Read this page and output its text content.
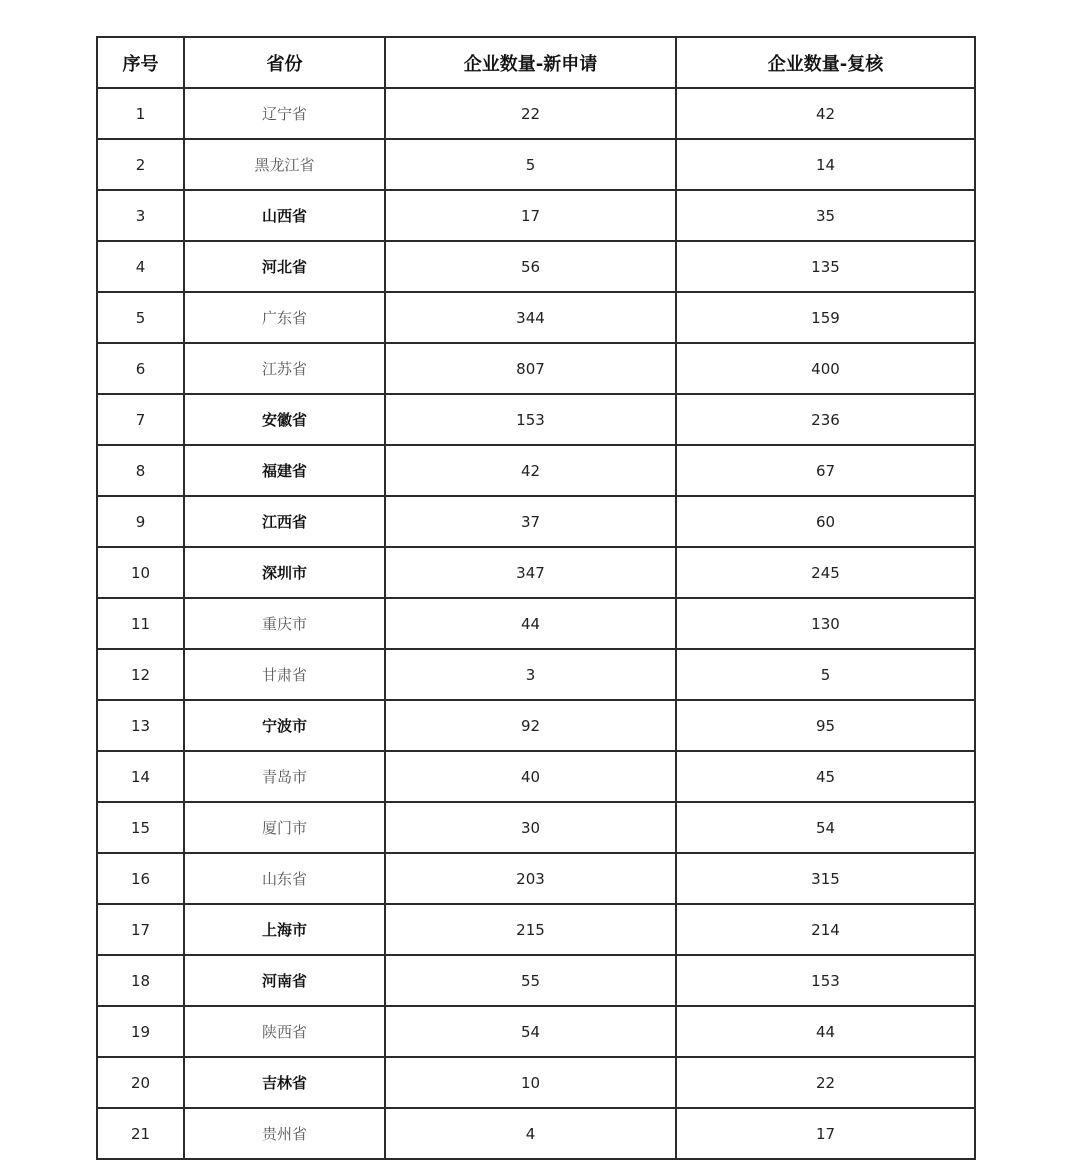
序号	省份	企业数量-新申请	企业数量-复核
1	辽宁省	22	42
2	黑龙江省	5	14
3	山西省	17	35
4	河北省	56	135
5	广东省	344	159
6	江苏省	807	400
7	安徽省	153	236
8	福建省	42	67
9	江西省	37	60
10	深圳市	347	245
11	重庆市	44	130
12	甘肃省	3	5
13	宁波市	92	95
14	青岛市	40	45
15	厦门市	30	54
16	山东省	203	315
17	上海市	215	214
18	河南省	55	153
19	陕西省	54	44
20	吉林省	10	22
21	贵州省	4	17
